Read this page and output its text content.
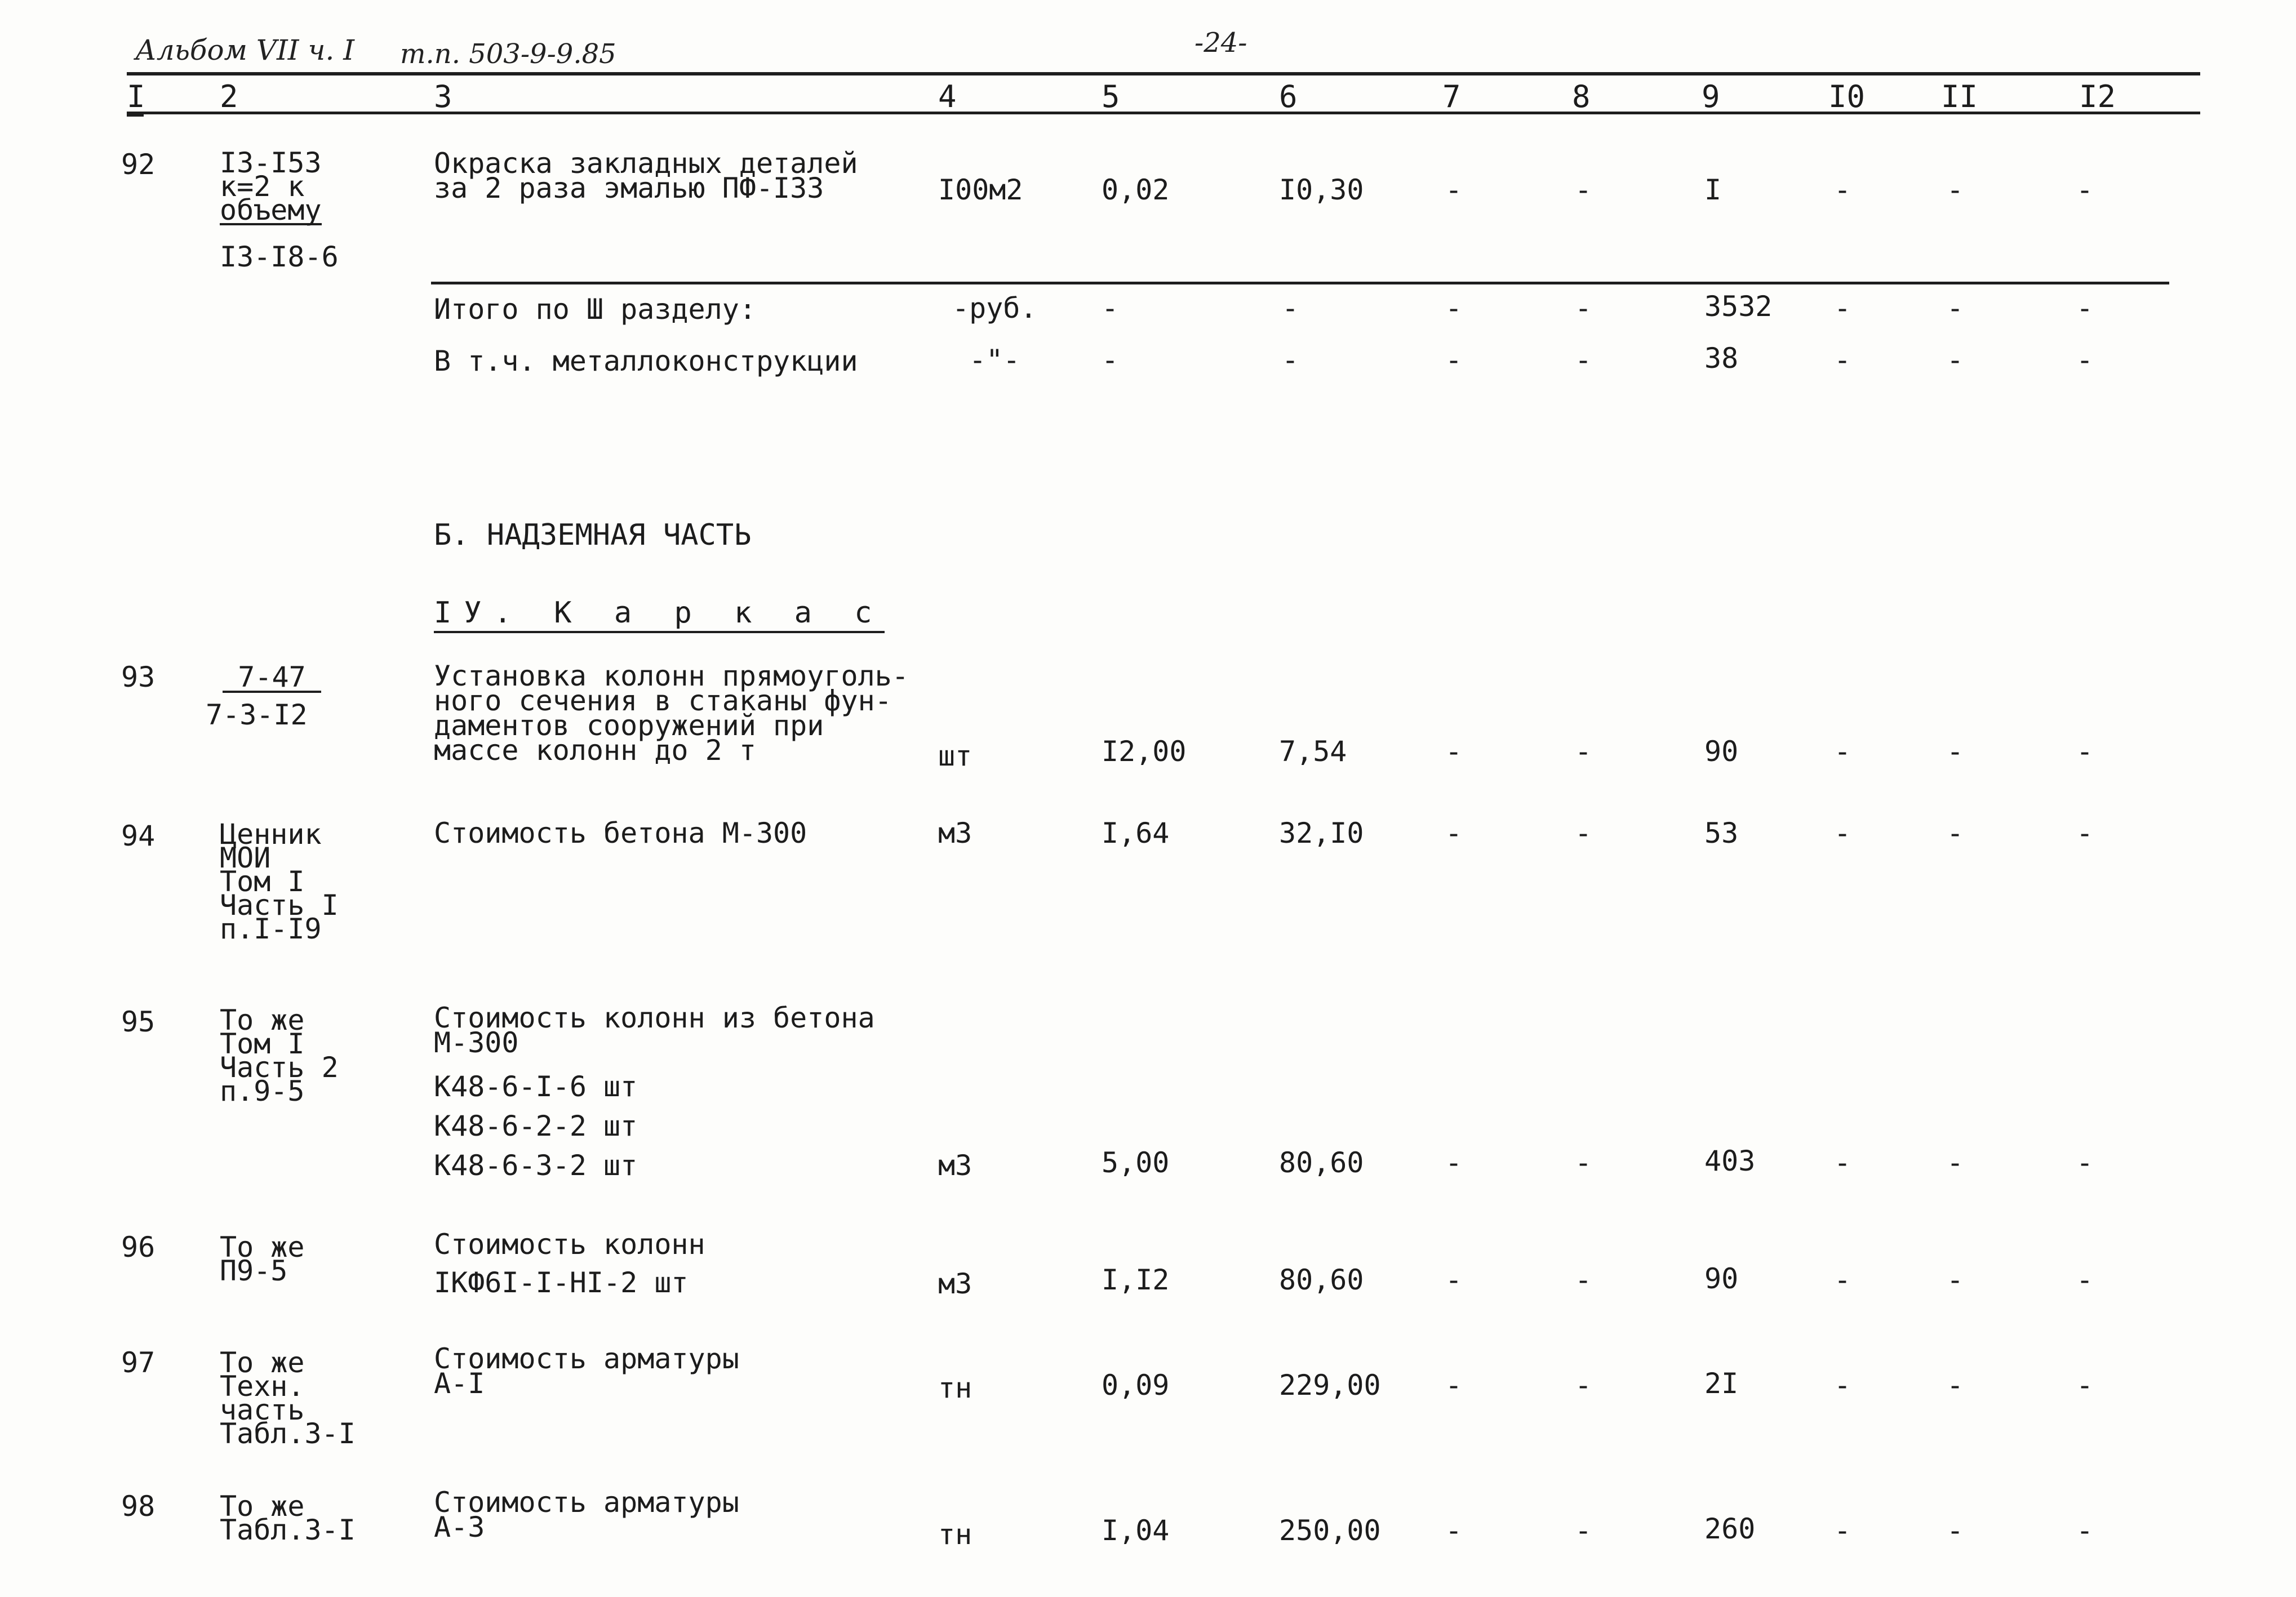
Альбом VII ч. I т.п. 503-9-9.85	-24-
I 2	3	4	5	6	7	8	9	I0 II	I2
92 I3-I53
к=2 к
объему
I3-I8-6
Окраска закладных деталей
за 2 раза эмалью ПФ-I33	I00м2	0,02	I0,30	-	-	I	-	-	-
Итого по Ш разделу:	-руб. -	-	-	-	3532 -	-	-
В т.ч. металлоконструкции	-"-	-	-	-	-	38	-	-	-
Б. НАДЗЕМНАЯ ЧАСТЬ
IУ. К а р к а с
93	7-47
7-3-I2
Установка колонн прямоуголь-
ного сечения в стаканы фун-
даментов сооружений при
массе колонн до 2 т	шт	I2,00	7,54	-	-	90	-	-	-
94 Ценник
МОИ
Том I
Часть I
п.I-I9
Стоимость бетона М-300	м3	I,64	32,I0	-	-	53	-	-	-
95 То же
Том I
Часть 2
п.9-5
Стоимость колонн из бетона
М-300
К48-6-I-6 шт
К48-6-2-2 шт
К48-6-3-2 шт	м3	5,00	80,60	-	-	403	-	-	-
96 То же
П9-5
Стоимость колонн
IКФ6I-I-НI-2 шт	м3	I,I2	80,60	-	-	90	-	-	-
97 То же
Техн.
часть
Табл.3-I
Стоимость арматуры
А-I	тн	0,09	229,00 -	-	2I	-	-	-
98 То же
Табл.3-I
Стоимость арматуры
А-3	тн	I,04	250,00 -	-	260	-	-	-
